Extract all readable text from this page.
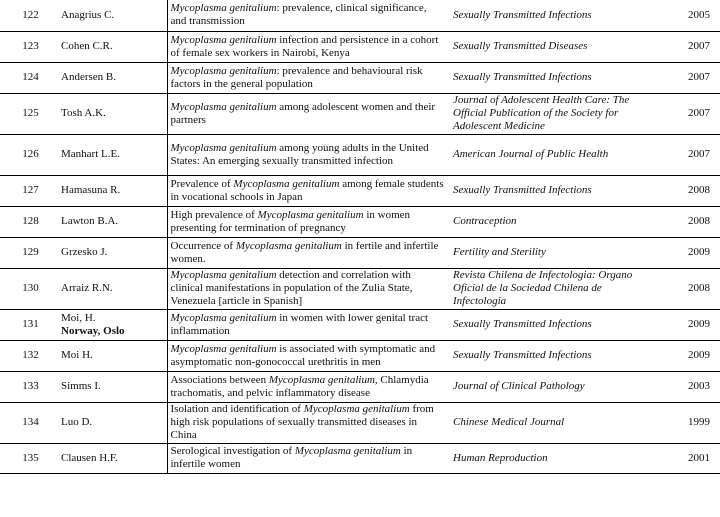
122	Anagrius C.	Mycoplasma genitalium: prevalence, clinical significance, and transmission	Sexually Transmitted Infections	2005
123	Cohen C.R.	Mycoplasma genitalium infection and persistence in a cohort of female sex workers in Nairobi, Kenya	Sexually Transmitted Diseases	2007
124	Andersen B.	Mycoplasma genitalium: prevalence and behavioural risk factors in the general population	Sexually Transmitted Infections	2007
125	Tosh A.K.	Mycoplasma genitalium among adolescent women and their partners	Journal of Adolescent Health Care: The Official Publication of the Society for Adolescent Medicine	2007
126	Manhart L.E.	Mycoplasma genitalium among young adults in the United States: An emerging sexually transmitted infection	American Journal of Public Health	2007
127	Hamasuna R.	Prevalence of Mycoplasma genitalium among female students in vocational schools in Japan	Sexually Transmitted Infections	2008
128	Lawton B.A.	High prevalence of Mycoplasma genitalium in women presenting for termination of pregnancy	Contraception	2008
129	Grzesko J.	Occurrence of Mycoplasma genitalium in fertile and infertile women.	Fertility and Sterility	2009
130	Arraiz R.N.	Mycoplasma genitalium detection and correlation with clinical manifestations in population of the Zulia State, Venezuela [article in Spanish]	Revista Chilena de Infectologia: Organo Oficial de la Sociedad Chilena de Infectologia	2008
131	Moi, H.
Norway, Oslo	Mycoplasma genitalium in women with lower genital tract inflammation	Sexually Transmitted Infections	2009
132	Moi H.	Mycoplasma genitalium is associated with symptomatic and asymptomatic non-gonococcal urethritis in men	Sexually Transmitted Infections	2009
133	Simms I.	Associations between Mycoplasma genitalium, Chlamydia trachomatis, and pelvic inflammatory disease	Journal of Clinical Pathology	2003
134	Luo D.	Isolation and identification of Mycoplasma genitalium from high risk populations of sexually transmitted diseases in China	Chinese Medical Journal	1999
135	Clausen H.F.	Serological investigation of Mycoplasma genitalium in infertile women	Human Reproduction	2001
